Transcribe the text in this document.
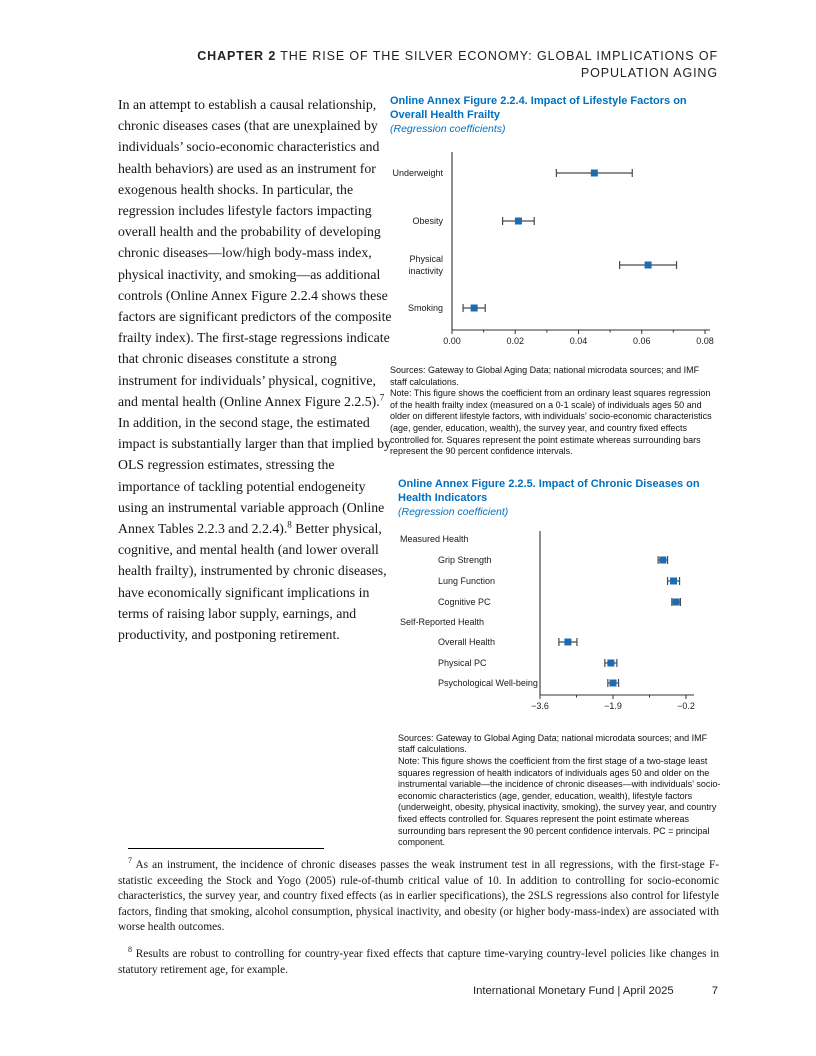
CHAPTER 2 THE RISE OF THE SILVER ECONOMY: GLOBAL IMPLICATIONS OF
POPULATION AGING
In an attempt to establish a causal relationship, chronic diseases cases (that are unexplained by individuals’ socio-economic characteristics and health behaviors) are used as an instrument for exogenous health shocks. In particular, the regression includes lifestyle factors impacting overall health and the probability of developing chronic diseases—low/high body-mass index, physical inactivity, and smoking—as additional controls (Online Annex Figure 2.2.4 shows these factors are significant predictors of the composite frailty index). The first-stage regressions indicate that chronic diseases constitute a strong instrument for individuals’ physical, cognitive, and mental health (Online Annex Figure 2.2.5).$^7$ In addition, in the second stage, the estimated impact is substantially larger than that implied by OLS regression estimates, stressing the importance of tackling potential endogeneity using an instrumental variable approach (Online Annex Tables 2.2.3 and 2.2.4).$^8$ Better physical, cognitive, and mental health (and lower overall health frailty), instrumented by chronic diseases, have economically significant implications in terms of raising labor supply, earnings, and productivity, and postponing retirement.
Online Annex Figure 2.2.4. Impact of Lifestyle Factors on Overall Health Frailty
(Regression coefficients)
0.00	0.02	0.04	0.06	0.08
Underweight
Obesity
Physical
inactivity
Smoking
Sources: Gateway to Global Aging Data; national microdata sources; and IMF staff calculations.
Note: This figure shows the coefficient from an ordinary least squares regression of the health frailty index (measured on a 0-1 scale) of individuals ages 50 and older on different lifestyle factors, with individuals’ socio-economic characteristics (age, gender, education, wealth), the survey year, and country fixed effects controlled for. Squares represent the point estimate whereas surrounding bars represent the 90 percent confidence intervals.
Online Annex Figure 2.2.5. Impact of Chronic Diseases on Health Indicators
(Regression coefficient)
−3.6	−1.9	−0.2
Measured Health
Grip Strength
Lung Function
Cognitive PC
Self-Reported Health
Overall Health
Physical PC
Psychological Well-being
Sources: Gateway to Global Aging Data; national microdata sources; and IMF staff calculations.
Note: This figure shows the coefficient from the first stage of a two-stage least squares regression of health indicators of individuals ages 50 and older on the instrumental variable—the incidence of chronic diseases—with individuals’ socio-economic characteristics (age, gender, education, wealth), lifestyle factors (underweight, obesity, physical inactivity, smoking), the survey year, and country fixed effects controlled for. Squares represent the point estimate whereas surrounding bars represent the 90 percent confidence intervals. PC = principal component.

$^7$ As an instrument, the incidence of chronic diseases passes the weak instrument test in all regressions, with the first-stage F-statistic exceeding the Stock and Yogo (2005) rule-of-thumb critical value of 10. In addition to controlling for socio-economic characteristics, the survey year, and country fixed effects (as in earlier specifications), the 2SLS regressions also control for lifestyle factors, finding that smoking, alcohol consumption, physical inactivity, and obesity (or higher body-mass-index) are associated with worse health outcomes.

$^8$ Results are robust to controlling for country-year fixed effects that capture time-varying country-level policies like changes in statutory retirement age, for example.

International Monetary Fund | April 2025	7
